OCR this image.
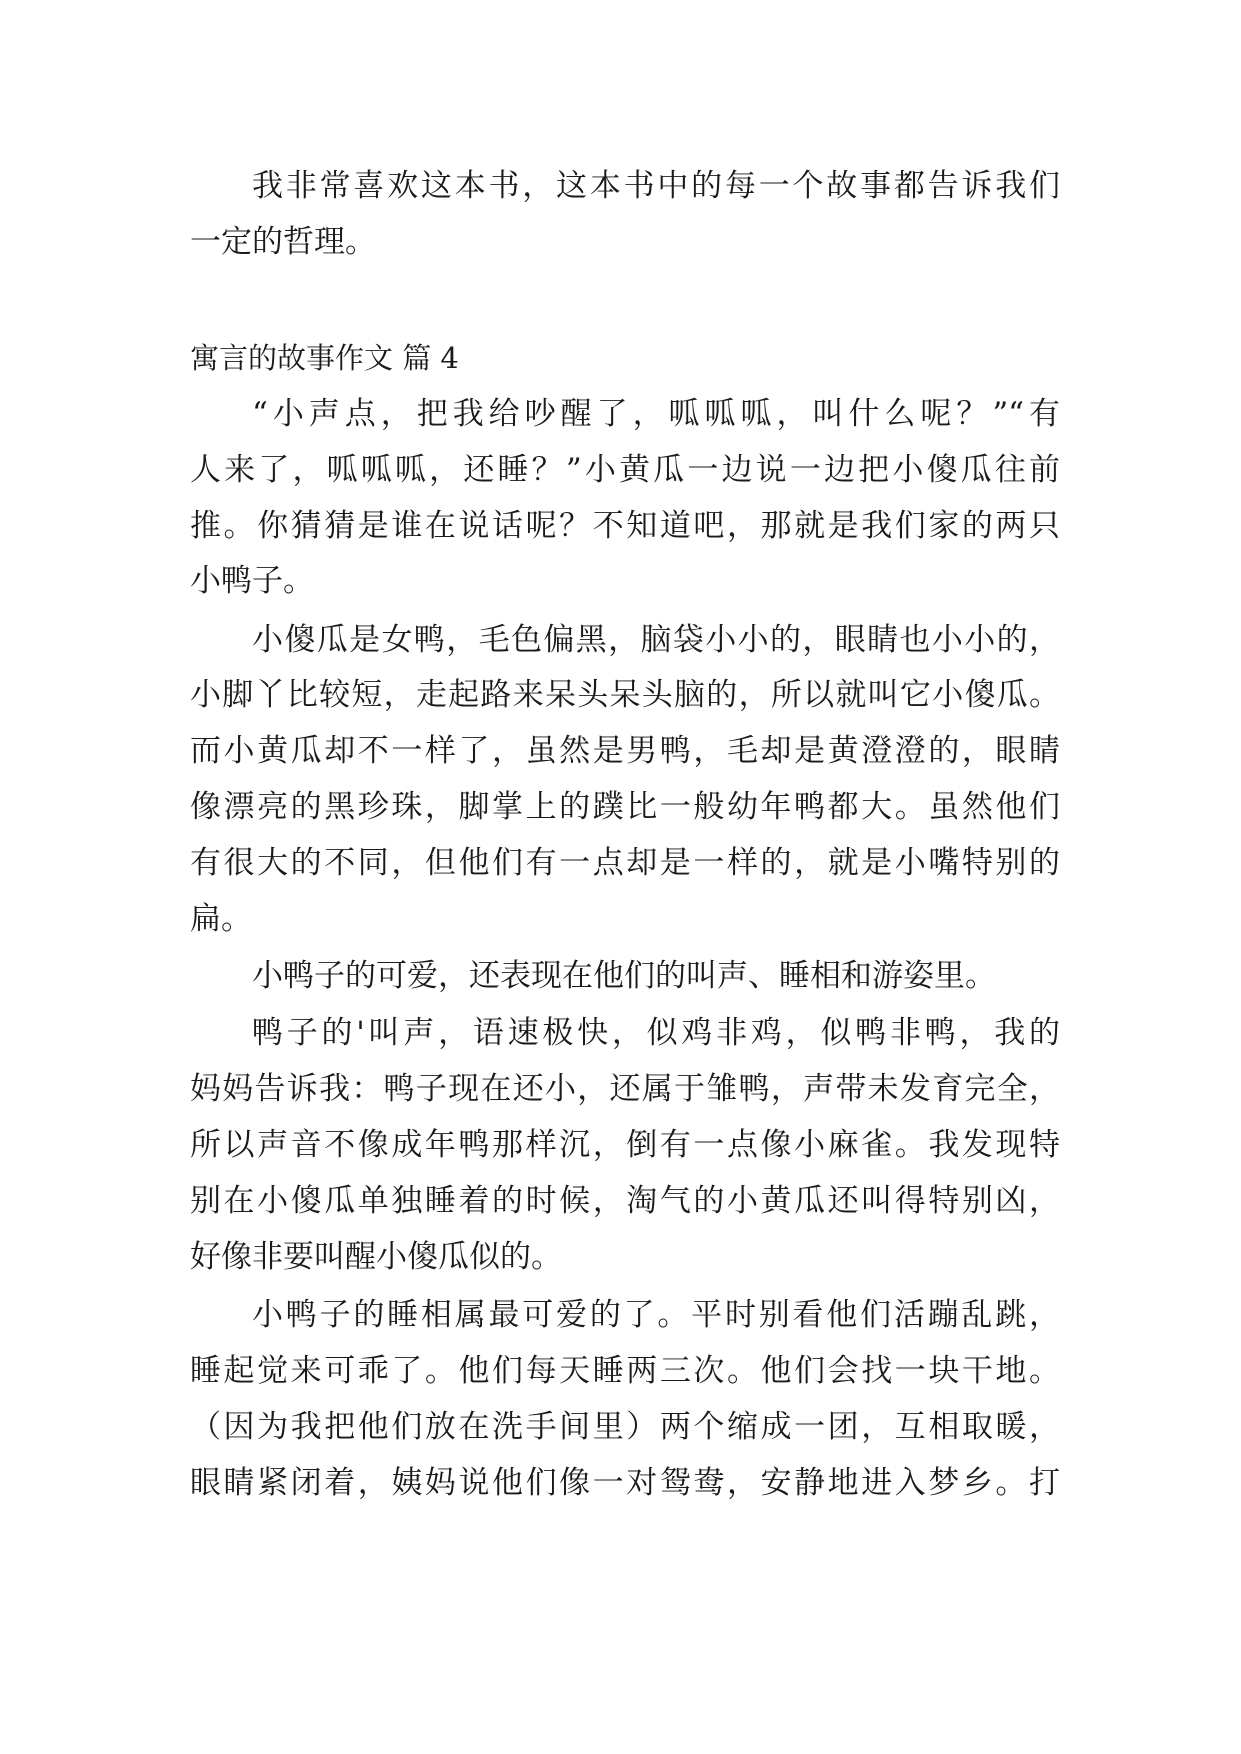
我非常喜欢这本书，这本书中的每一个故事都告诉我们
一定的哲理。
寓言的故事作文 篇 4
“小声点，把我给吵醒了，呱呱呱，叫什么呢？”“有
人来了，呱呱呱，还睡？”小黄瓜一边说一边把小傻瓜往前
推。你猜猜是谁在说话呢？不知道吧，那就是我们家的两只
小鸭子。
小傻瓜是女鸭，毛色偏黑，脑袋小小的，眼睛也小小的，
小脚丫比较短，走起路来呆头呆头脑的，所以就叫它小傻瓜。
而小黄瓜却不一样了，虽然是男鸭，毛却是黄澄澄的，眼睛
像漂亮的黑珍珠，脚掌上的蹼比一般幼年鸭都大。虽然他们
有很大的不同，但他们有一点却是一样的，就是小嘴特别的
扁。
小鸭子的可爱，还表现在他们的叫声、睡相和游姿里。
鸭子的'叫声，语速极快，似鸡非鸡，似鸭非鸭，我的
妈妈告诉我：鸭子现在还小，还属于雏鸭，声带未发育完全，
所以声音不像成年鸭那样沉，倒有一点像小麻雀。我发现特
别在小傻瓜单独睡着的时候，淘气的小黄瓜还叫得特别凶，
好像非要叫醒小傻瓜似的。
小鸭子的睡相属最可爱的了。平时别看他们活蹦乱跳，
睡起觉来可乖了。他们每天睡两三次。他们会找一块干地。
（因为我把他们放在洗手间里）两个缩成一团，互相取暖，
眼睛紧闭着，姨妈说他们像一对鸳鸯，安静地进入梦乡。打
